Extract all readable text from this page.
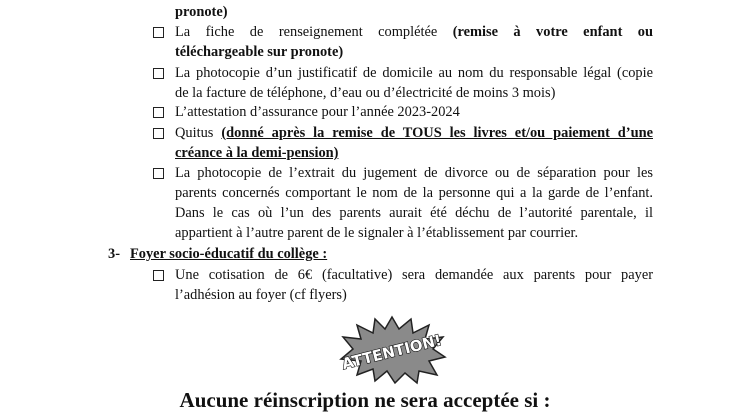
pronote)
La fiche de renseignement complétée (remise à votre enfant ou
téléchargeable sur pronote)
La photocopie d’un justificatif de domicile au nom du responsable légal (copie
de la facture de téléphone, d’eau ou d’électricité de moins 3 mois)
L’attestation d’assurance pour l’année 2023-2024
Quitus (donné après la remise de TOUS les livres et/ou paiement d’une
créance à la demi-pension)
La photocopie de l’extrait du jugement de divorce ou de séparation pour les
parents concernés comportant le nom de la personne qui a la garde de l’enfant.
Dans le cas où l’un des parents aurait été déchu de l’autorité parentale, il
appartient à l’autre parent de le signaler à l’établissement par courrier.
3- Foyer socio-éducatif du collège :
Une cotisation de 6€ (facultative) sera demandée aux parents pour payer
l’adhésion au foyer (cf flyers)
ATTENTION!
Aucune réinscription ne sera acceptée si :
